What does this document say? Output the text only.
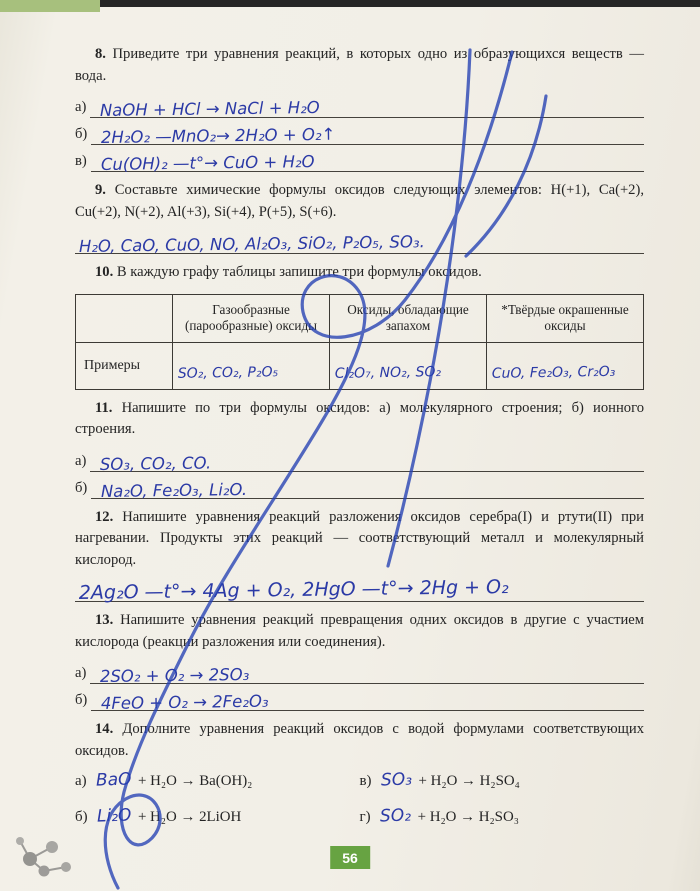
8. Приведите три уравнения реакций, в которых одно из образующихся веществ — вода.

а) NaOH + HCl → NaCl + H₂O
б) 2H₂O₂ —MnO₂→ 2H₂O + O₂↑
в) Cu(OH)₂ —t°→ CuO + H₂O

9. Составьте химические формулы оксидов следующих элементов: H(+1), Ca(+2), Cu(+2), N(+2), Al(+3), Si(+4), P(+5), S(+6).

H₂O, CaO, CuO, NO, Al₂O₃, SiO₂, P₂O₅, SO₃.

10. В каждую графу таблицы запишите три формулы оксидов.

	Газообразные (парообразные) оксиды	Оксиды, обладающие запахом	*Твёрдые окрашенные оксиды
Примеры	SO₂, CO₂, P₂O₅	Cl₂O₇, NO₂, SO₂	CuO, Fe₂O₃, Cr₂O₃

11. Напишите по три формулы оксидов: а) молекулярного строения; б) ионного строения.

а) SO₃, CO₂, CO.
б) Na₂O, Fe₂O₃, Li₂O.

12. Напишите уравнения реакций разложения оксидов серебра(I) и ртути(II) при нагревании. Продукты этих реакций — соответствующий металл и молекулярный кислород.

2Ag₂O —t°→ 4Ag + O₂, 2HgO —t°→ 2Hg + O₂

13. Напишите уравнения реакций превращения одних оксидов в другие с участием кислорода (реакции разложения или соединения).

а) 2SO₂ + O₂ → 2SO₃
б) 4FeO + O₂ → 2Fe₂O₃

14. Дополните уравнения реакций оксидов с водой формулами соответствующих оксидов.

а) BaO + H₂O → Ba(OH)₂	в) SO₃ + H₂O → H₂SO₄
б) Li₂O + H₂O → 2LiOH	г) SO₂ + H₂O → H₂SO₃
56
